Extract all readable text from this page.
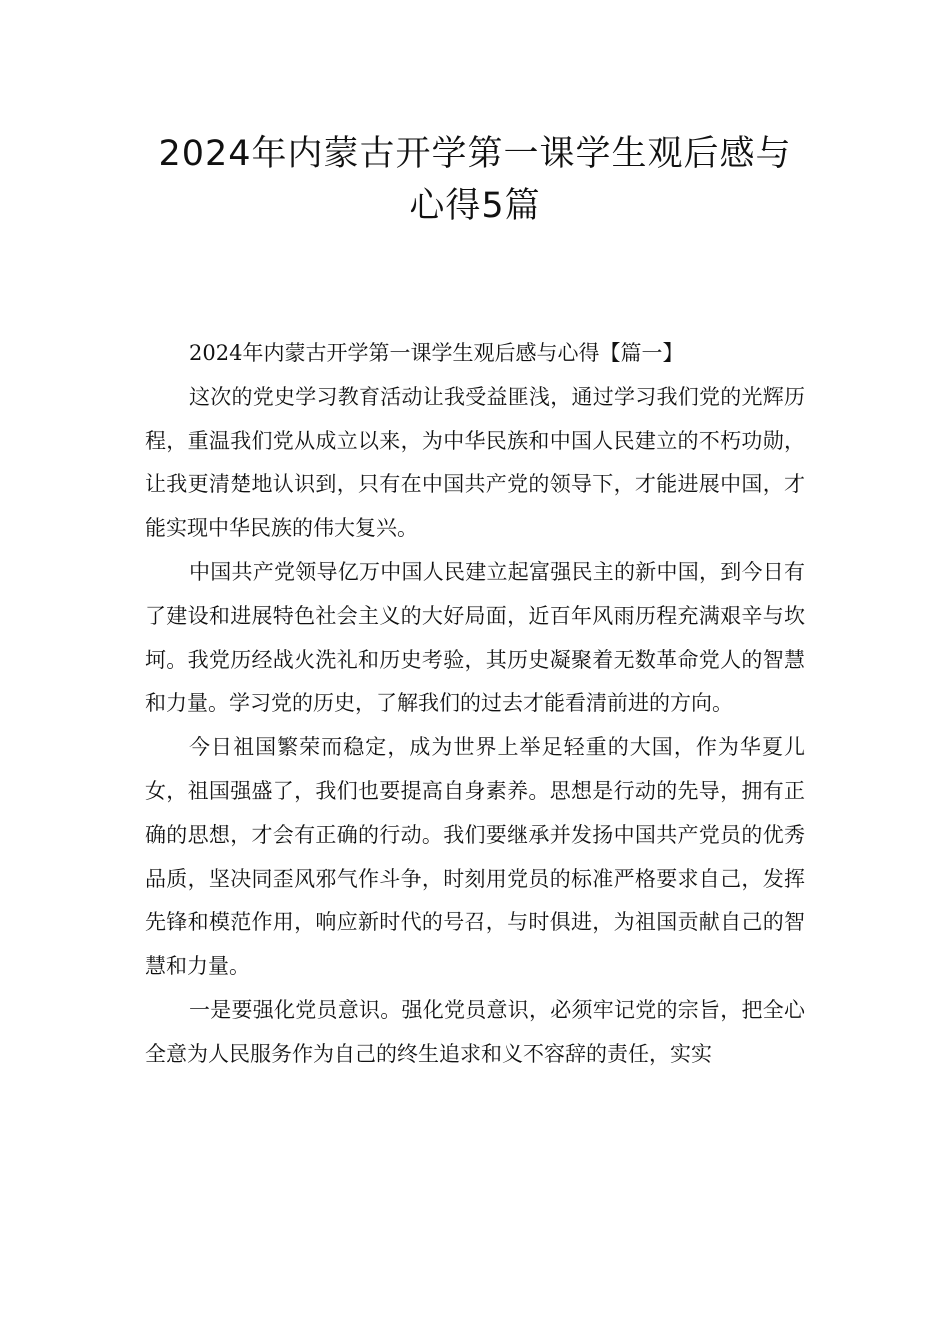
2024年内蒙古开学第一课学生观后感与
心得5篇

2024年内蒙古开学第一课学生观后感与心得【篇一】

这次的党史学习教育活动让我受益匪浅，通过学习我们党的光辉历程，重温我们党从成立以来，为中华民族和中国人民建立的不朽功勋，让我更清楚地认识到，只有在中国共产党的领导下，才能进展中国，才能实现中华民族的伟大复兴。

中国共产党领导亿万中国人民建立起富强民主的新中国，到今日有了建设和进展特色社会主义的大好局面，近百年风雨历程充满艰辛与坎坷。我党历经战火洗礼和历史考验，其历史凝聚着无数革命党人的智慧和力量。学习党的历史，了解我们的过去才能看清前进的方向。

今日祖国繁荣而稳定，成为世界上举足轻重的大国，作为华夏儿女，祖国强盛了，我们也要提高自身素养。思想是行动的先导，拥有正确的思想，才会有正确的行动。我们要继承并发扬中国共产党员的优秀品质，坚决同歪风邪气作斗争，时刻用党员的标准严格要求自己，发挥先锋和模范作用，响应新时代的号召，与时俱进，为祖国贡献自己的智慧和力量。

一是要强化党员意识。强化党员意识，必须牢记党的宗旨，把全心全意为人民服务作为自己的终生追求和义不容辞的责任，实实
